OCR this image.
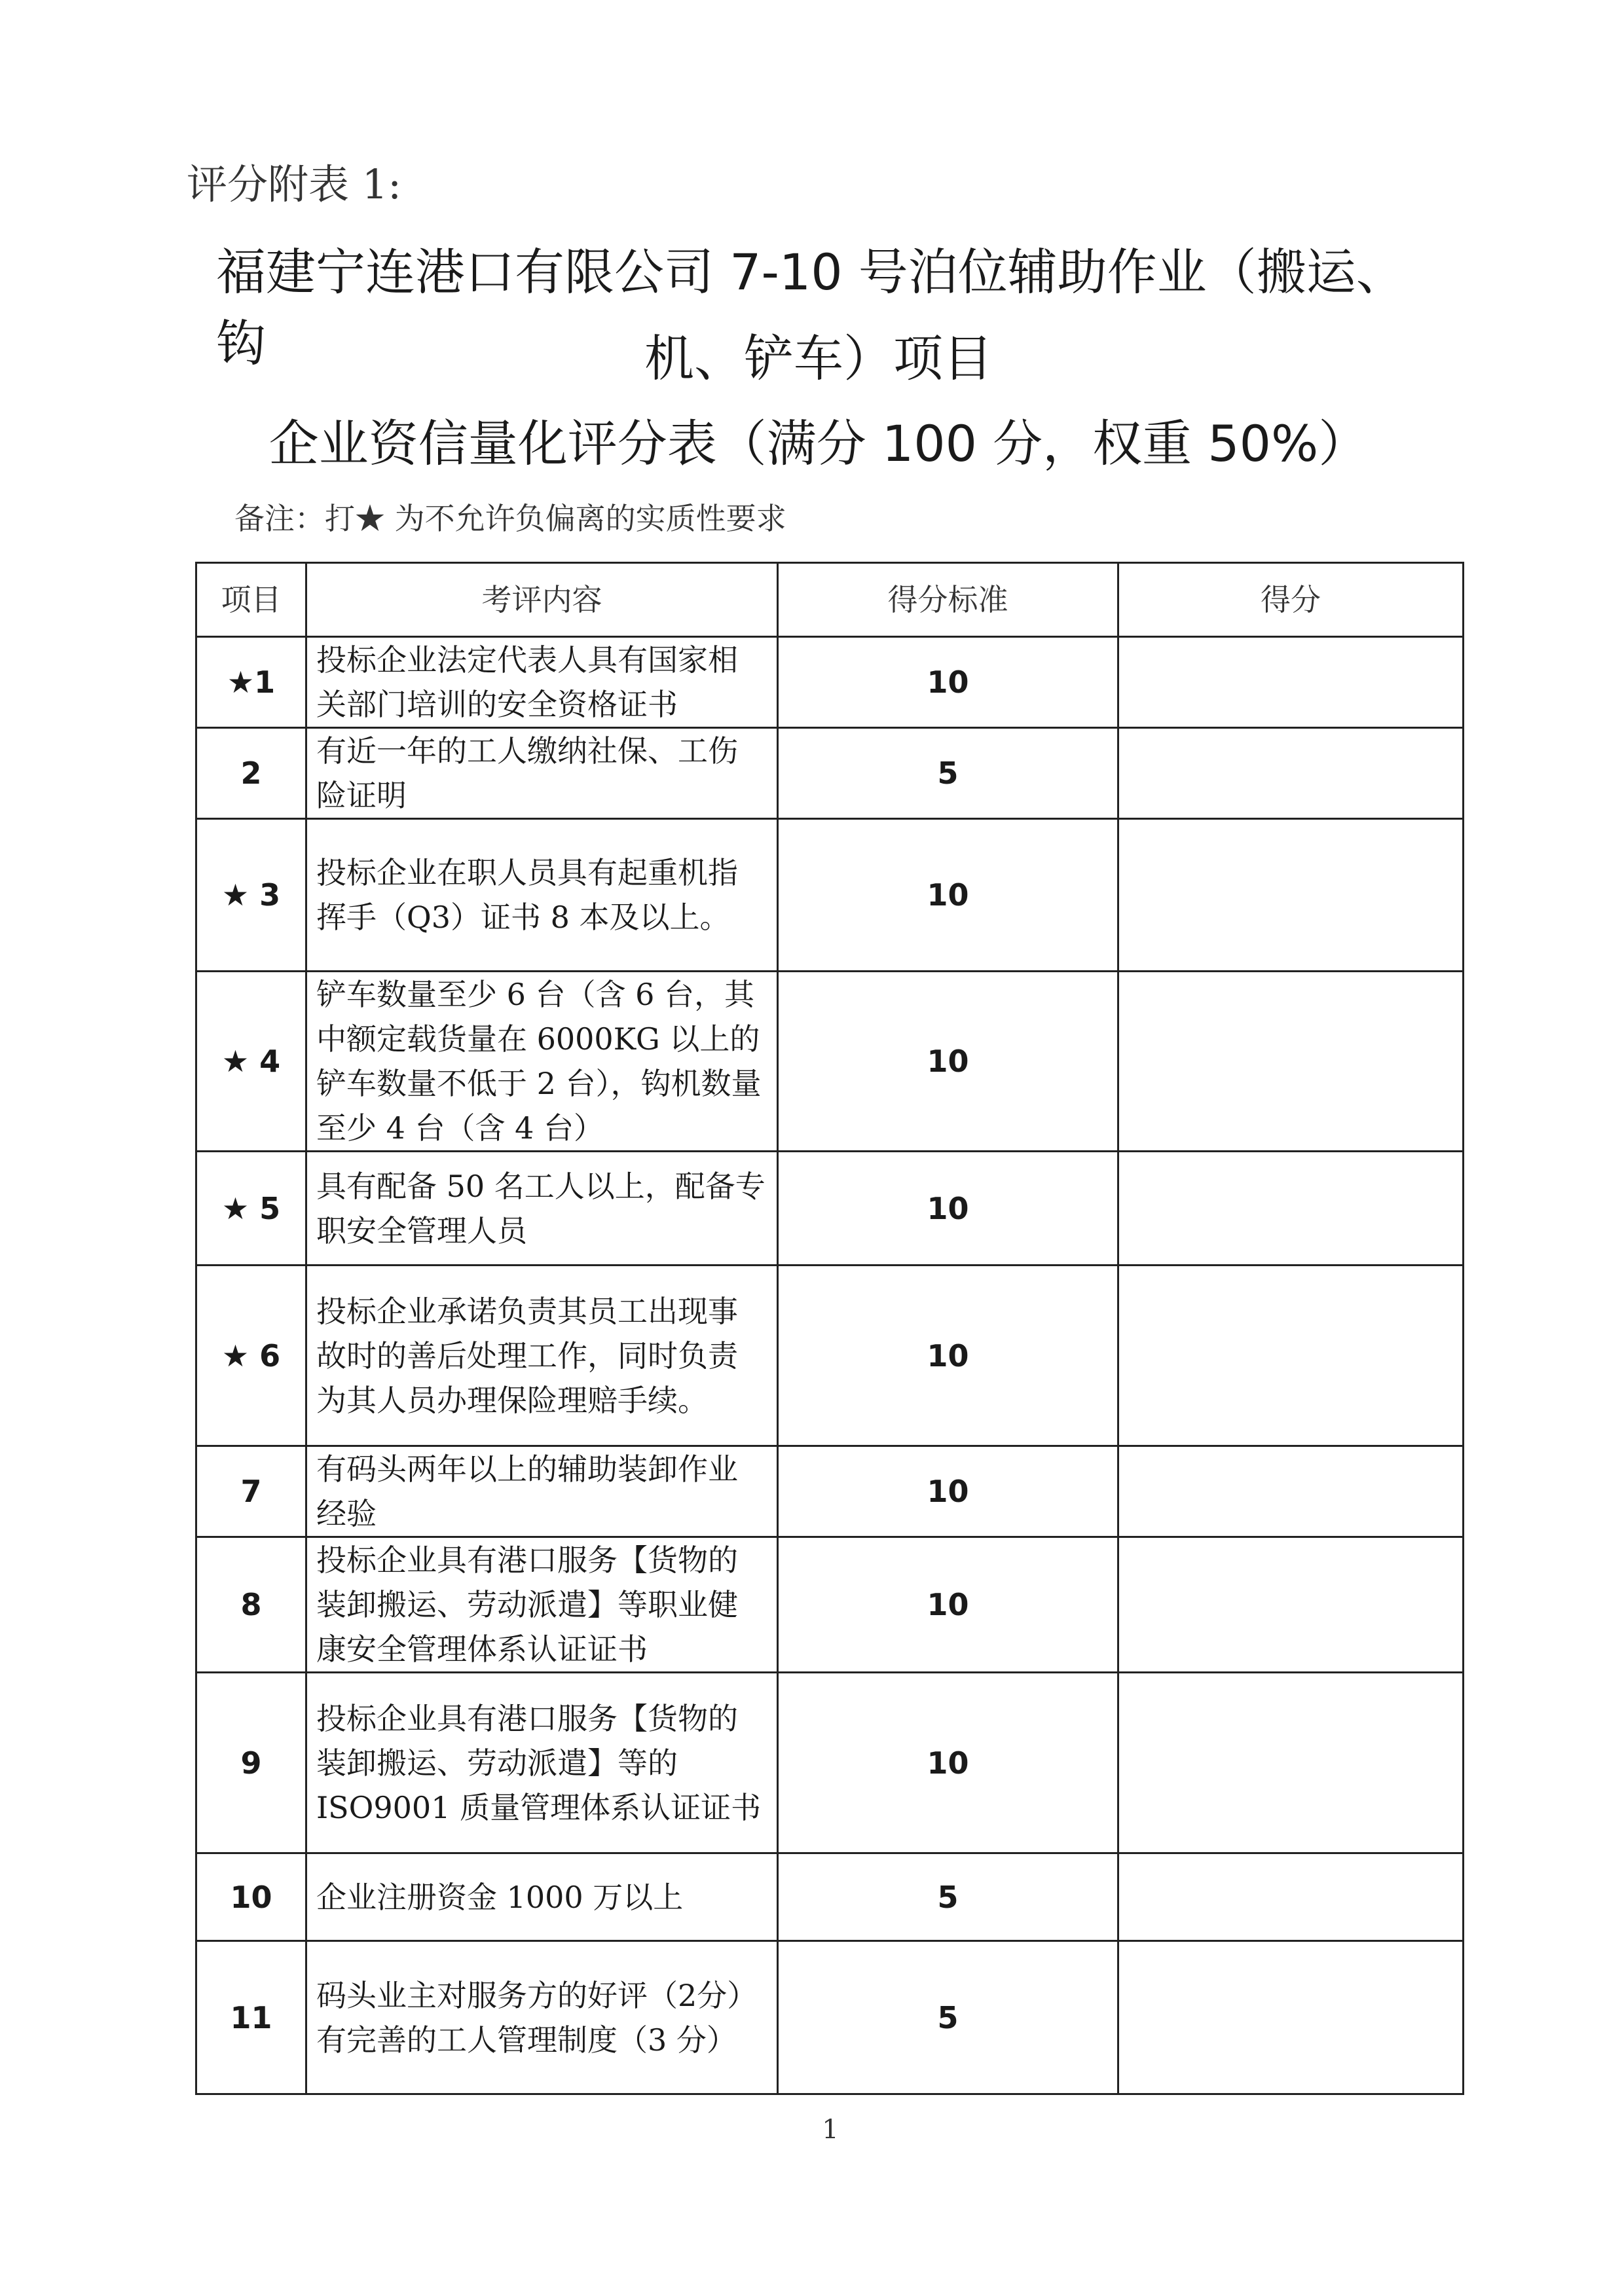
评分附表 1:
福建宁连港口有限公司 7-10 号泊位辅助作业（搬运、钩	机、铲车）项目
企业资信量化评分表（满分 100 分，权重 50%）
备注：打★ 为不允许负偏离的实质性要求
项目	考评内容	得分标准	得分
★1	投标企业法定代表人具有国家相关部门培训的安全资格证书	10	
2	有近一年的工人缴纳社保、工伤险证明	5	
★ 3	投标企业在职人员具有起重机指挥手（Q3）证书 8 本及以上。	10	
★ 4	铲车数量至少 6 台（含 6 台，其中额定载货量在 6000KG 以上的铲车数量不低于 2 台），钩机数量至少 4 台（含 4 台）	10	
★ 5	具有配备 50 名工人以上，配备专职安全管理人员	10	
★ 6	投标企业承诺负责其员工出现事故时的善后处理工作，同时负责为其人员办理保险理赔手续。	10	
7	有码头两年以上的辅助装卸作业经验	10	
8	投标企业具有港口服务【货物的装卸搬运、劳动派遣】等职业健康安全管理体系认证证书	10	
9	投标企业具有港口服务【货物的装卸搬运、劳动派遣】等的 ISO9001 质量管理体系认证证书	10	
10	企业注册资金 1000 万以上	5	
11	码头业主对服务方的好评（2分）有完善的工人管理制度（3 分）	5	
1
